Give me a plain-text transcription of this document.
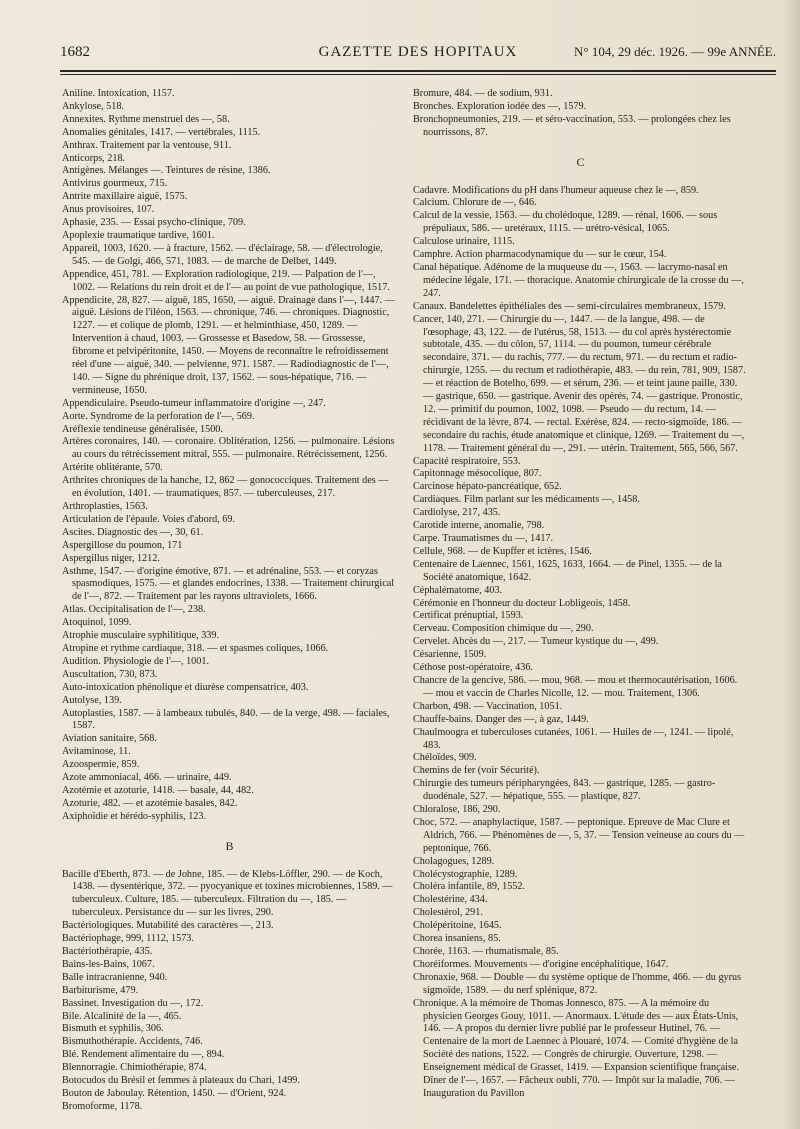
1682	GAZETTE DES HOPITAUX	N° 104, 29 déc. 1926. — 99e ANNÉE.

Aniline. Intoxication, 1157.

Ankylose, 518.

Annexites. Rythme menstruel des —, 58.

Anomalies génitales, 1417. — vertébrales, 1115.

Anthrax. Traitement par la ventouse, 911.

Anticorps, 218.

Antigènes. Mélanges —. Teintures de résine, 1386.

Antivirus gourmeux, 715.

Antrite maxillaire aiguë, 1575.

Anus provisoires, 107.

Aphasie, 235. — Essai psycho-clinique, 709.

Apoplexie traumatique tardive, 1601.

Appareil, 1003, 1620. — à fracture, 1562. — d'éclairage, 58. — d'électrologie, 545. — de Golgi, 466, 571, 1083. — de marche de Delbet, 1449.

Appendice, 451, 781. — Exploration radiologique, 219. — Palpation de l'—, 1002. — Relations du rein droit et de l'— au point de vue pathologique, 1517.

Appendicite, 28, 827. — aiguë, 185, 1650, — aiguë. Drainage dans l'—, 1447. — aiguë. Lésions de l'iléon, 1563. — chronique, 746. — chroniques. Diagnostic, 1227. — et colique de plomb, 1291. — et helminthiase, 450, 1289. — Intervention à chaud, 1003. — Grossesse et Basedow, 58. — Grossesse, fibrome et pelvipéritonite, 1450. — Moyens de reconnaître le refroidissement réel d'une — aiguë, 340. — pelvienne, 971. 1587. — Radiodiagnostic de l'—, 140. — Signe du phrénique droit, 137, 1562. — sous-hépatique, 716. — vermineuse, 1650.

Appendiculaire. Pseudo-tumeur inflammatoire d'origine —, 247.

Aorte. Syndrome de la perforation de l'—, 569.

Aréflexie tendineuse généralisée, 1500.

Artères coronaires, 140. — coronaire. Oblitération, 1256. — pulmonaire. Lésions au cours du rétrécissement mitral, 555. — pulmonaire. Rétrécissement, 1256.

Artérite oblitérante, 570.

Arthrites chroniques de la hanche, 12, 862 — gonococciques. Traitement des — en évolution, 1401. — traumatiques, 857. — tuberculeuses, 217.

Arthroplasties, 1563.

Articulation de l'épaule. Voies d'abord, 69.

Ascites. Diagnostic des —, 30, 61.

Aspergillose du poumon, 171

Aspergillus niger, 1212.

Asthme, 1547. — d'origine émotive, 871. — et adrénaline, 553. — et coryzas spasmodiques, 1575. — et glandes endocrines, 1338. — Traitement chirurgical de l'—, 872. — Traitement par les rayons ultraviolets, 1666.

Atlas. Occipitalisation de l'—, 238.

Atoquinol, 1099.

Atrophie musculaire syphilitique, 339.

Atropine et rythme cardiaque, 318. — et spasmes coliques, 1066.

Audition. Physiologie de l'—, 1001.

Auscultation, 730, 873.

Auto-intoxication phénolique et diurèse compensatrice, 403.

Autolyse, 139.

Autoplasties, 1587. — à lambeaux tubulés, 840. — de la verge, 498. — faciales, 1587.

Aviation sanitaire, 568.

Avitaminose, 11.

Azoospermie, 859.

Azote ammoniacal, 466. — urinaire, 449.

Azotémie et azoturie, 1418. — basale, 44, 482.

Azoturie, 482. — et azotémie basales, 842.

Axiphoïdie et hérédo-syphilis, 123.

B

Bacille d'Eberth, 873. — de Johne, 185. — de Klebs-Löffler, 290. — de Koch, 1438. — dysentérique, 372. — pyocyanique et toxines microbiennes, 1589. — tuberculeux. Culture, 185. — tuberculeux. Filtration du —, 185. — tuberculeux. Persistance du — sur les livres, 290.

Bactériologiques. Mutabilité des caractères —, 213.

Bactériophage, 999, 1112, 1573.

Bactériothérapie, 435.

Bains-les-Bains, 1067.

Balle intracranienne, 940.

Barbiturisme, 479.

Bassinet. Investigation du —, 172.

Bile. Alcalinité de la —, 465.

Bismuth et syphilis, 306.

Bismuthothérapie. Accidents, 746.

Blé. Rendement alimentaire du —, 894.

Blennorragie. Chimiothérapie, 874.

Botocudos du Brésil et femmes à plateaux du Chari, 1499.

Bouton de Jaboulay. Rétention, 1450. — d'Orient, 924.

Bromoforme, 1178.

Bromure, 484. — de sodium, 931.

Bronches. Exploration iodée des —, 1579.

Bronchopneumonies, 219. — et séro-vaccination, 553. — prolongées chez les nourrissons, 87.

C

Cadavre. Modifications du pH dans l'humeur aqueuse chez le —, 859.

Calcium. Chlorure de —, 646.

Calcul de la vessie, 1563. — du cholédoque, 1289. — rénal, 1606. — sous prépuliaux, 586. — uretéraux, 1115. — urétro-vésical, 1065.

Calculose urinaire, 1115.

Camphre. Action pharmacodynamique du — sur le cœur, 154.

Canal hépatique. Adénome de la muqueuse du —, 1563. — lacrymo-nasal en médecine légale, 171. — thoracique. Anatomie chirurgicale de la crosse du —, 247.

Canaux. Bandelettes épithéliales des — semi-circulaires membraneux, 1579.

Cancer, 140, 271. — Chirurgie du —, 1447. — de la langue, 498. — de l'œsophage, 43, 122. — de l'utérus, 58, 1513. — du col après hystérectomie subtotale, 435. — du côlon, 57, 1114. — du poumon, tumeur cérébrale secondaire, 371. — du rachis, 777. — du rectum, 971. — du rectum et radio-chirurgie, 1255. — du rectum et radiothérapie, 483. — du rein, 781, 909, 1587. — et réaction de Botelho, 699. — et sérum, 236. — et teint jaune paille, 330. — gastrique, 650. — gastrique. Avenir des opérés, 74. — gastrique. Pronostic, 12. — primitif du poumon, 1002, 1098. — Pseudo — du rectum, 14. — récidivant de la lèvre, 874. — rectal. Exérèse, 824. — recto-sigmoïde, 186. — secondaire du rachis, étude anatomique et clinique, 1269. — Traitement du —, 1178. — Traitement général du —, 291. — utérin. Traitement, 565, 566, 567.

Capacité respiratoire, 553.

Capitonnage mésocolique, 807.

Carcinose hépato-pancréatique, 652.

Cardiaques. Film parlant sur les médicaments —, 1458.

Cardiolyse, 217, 435.

Carotide interne, anomalie, 798.

Carpe. Traumatismes du —, 1417.

Cellule, 968. — de Kupffer et ictères, 1546.

Centenaire de Laennec, 1561, 1625, 1633, 1664. — de Pinel, 1355. — de la Société anatomique, 1642.

Céphalématome, 403.

Cérémonie en l'honneur du docteur Lobligeois, 1458.

Certificat prénuptial, 1593.

Cerveau. Composition chimique du —, 290.

Cervelet. Abcès du —, 217. — Tumeur kystique du —, 499.

Césarienne, 1509.

Céthose post-opératoire, 436.

Chancre de la gencive, 586. — mou, 968. — mou et thermocautérisation, 1606. — mou et vaccin de Charles Nicolle, 12. — mou. Traitement, 1306.

Charbon, 498. — Vaccination, 1051.

Chauffe-bains. Danger des —, à gaz, 1449.

Chaulmoogra et tuberculoses cutanées, 1061. — Huiles de —, 1241. — lipolé, 483.

Chéloïdes, 909.

Chemins de fer (voir Sécurité).

Chirurgie des tumeurs péripharyngées, 843. — gastrique, 1285. — gastro-duodénale, 527. — hépatique, 555. — plastique, 827.

Chloralose, 186, 290.

Choc, 572. — anaphylactique, 1587. — peptonique. Epreuve de Mac Clure et Aldrich, 766. — Phénomènes de —, 5, 37. — Tension veineuse au cours du — peptonique, 766.

Cholagogues, 1289.

Cholécystographie, 1289.

Choléra infantile, 89, 1552.

Cholestérine, 434.

Cholestérol, 291.

Cholépéritoine, 1645.

Chorea insaniens, 85.

Chorée, 1163. — rhumatismale, 85.

Choréiformes. Mouvements — d'origine encéphalitique, 1647.

Chronaxie, 968. — Double — du système optique de l'homme, 466. — du gyrus sigmoïde, 1589. — du nerf splénique, 872.

Chronique. A la mémoire de Thomas Jonnesco, 875. — A la mémoire du physicien Georges Gouy, 1011. — Anormaux. L'étude des — aux États-Unis, 146. — A propos du dernier livre publié par le professeur Hutinel, 76. — Centenaire de la mort de Laennec à Plouaré, 1074. — Comité d'hygiène de la Société des nations, 1522. — Congrès de chirurgie. Ouverture, 1298. — Enseignement médical de Grasset, 1419. — Expansion scientifique française. Dîner de l'—, 1657. — Fâcheux oubli, 770. — Impôt sur la maladie, 706. — Inauguration du Pavillon
